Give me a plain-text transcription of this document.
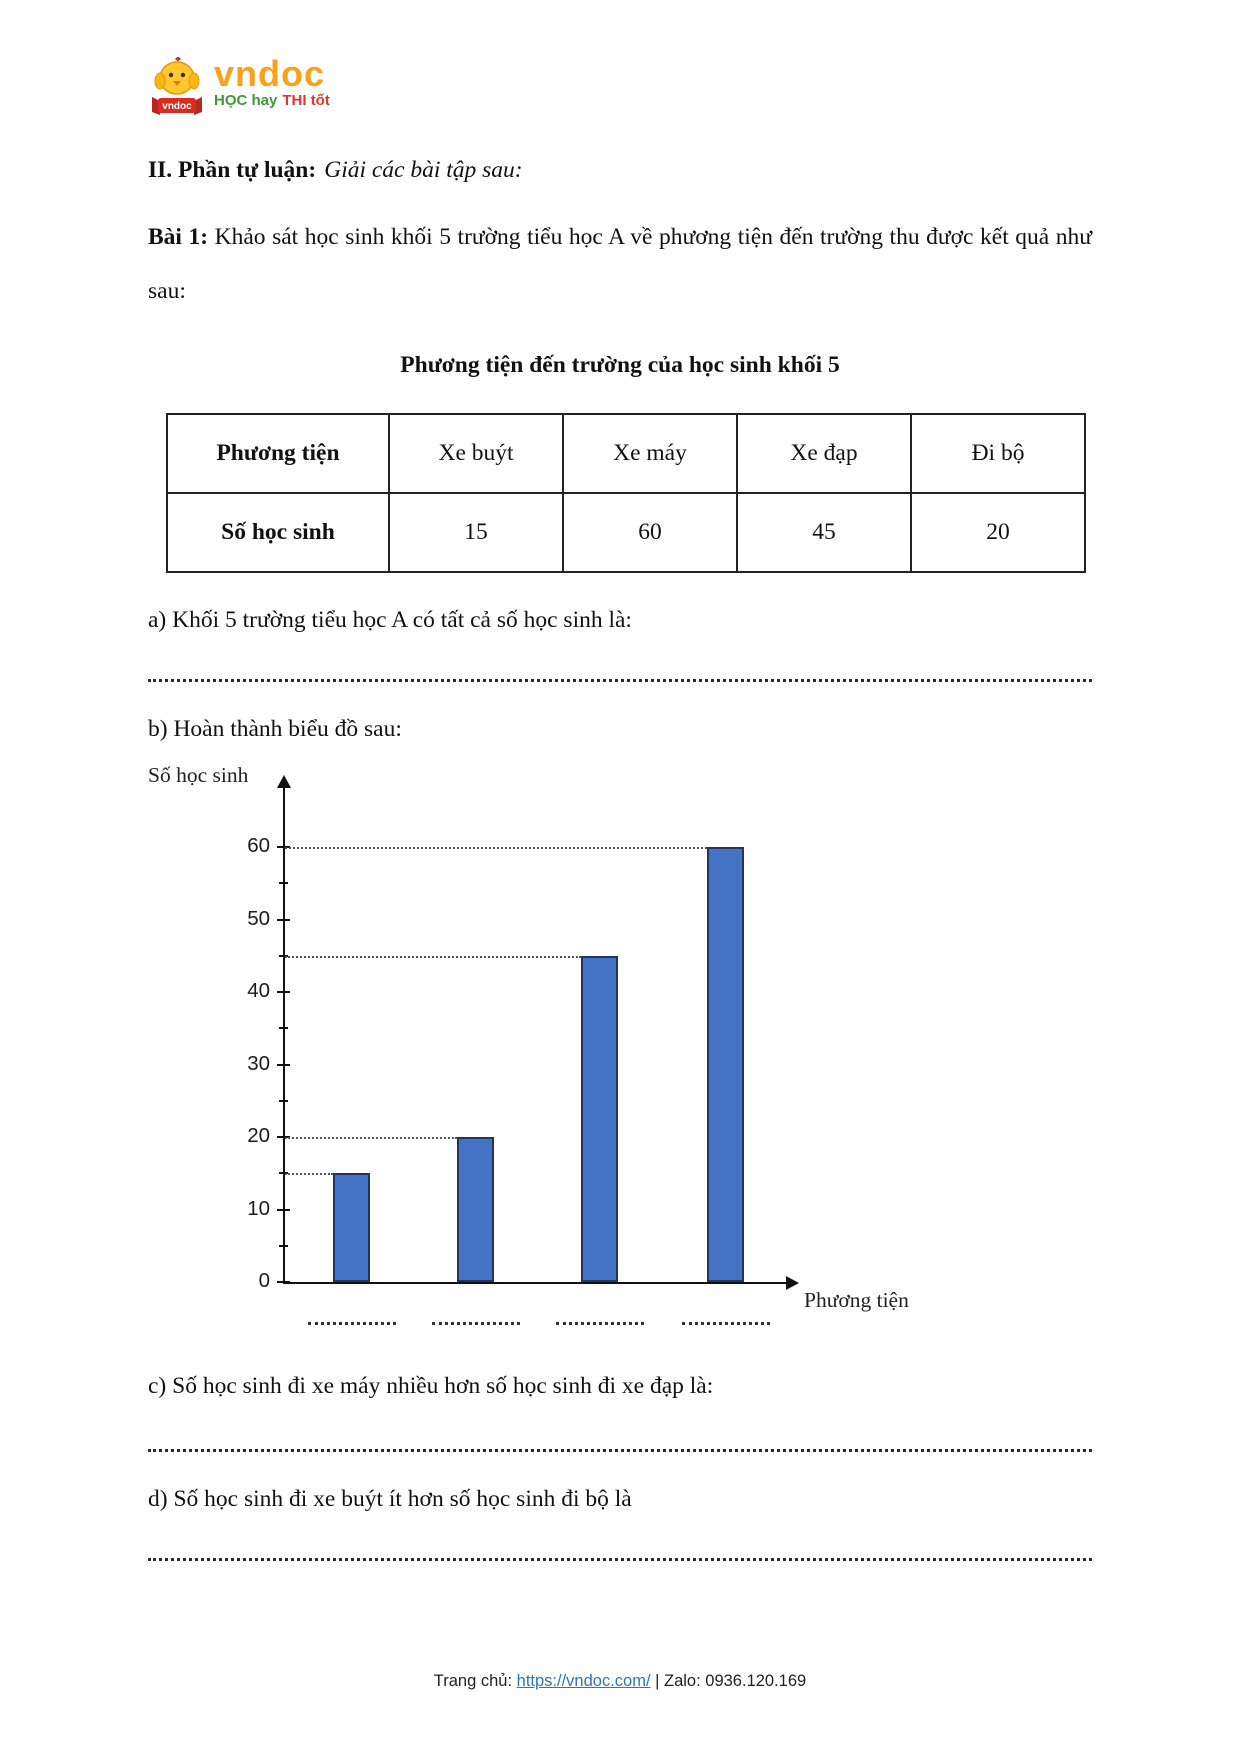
vndoc
vndoc
HỌC hay THI tốt
II. Phần tự luận: Giải các bài tập sau:
Bài 1: Khảo sát học sinh khối 5 trường tiểu học A về phương tiện đến trường thu được kết quả như sau:
Phương tiện đến trường của học sinh khối 5
Phương tiện	Xe buýt	Xe máy	Xe đạp	Đi bộ
Số học sinh	15	60	45	20
a) Khối 5 trường tiểu học A có tất cả số học sinh là:
b) Hoàn thành biểu đồ sau:
Số học sinh
Phương tiện
0
10
20
30
40
50
60
c) Số học sinh đi xe máy nhiều hơn số học sinh đi xe đạp là:
d) Số học sinh đi xe buýt ít hơn số học sinh đi bộ là
Trang chủ: https://vndoc.com/ | Zalo: 0936.120.169
